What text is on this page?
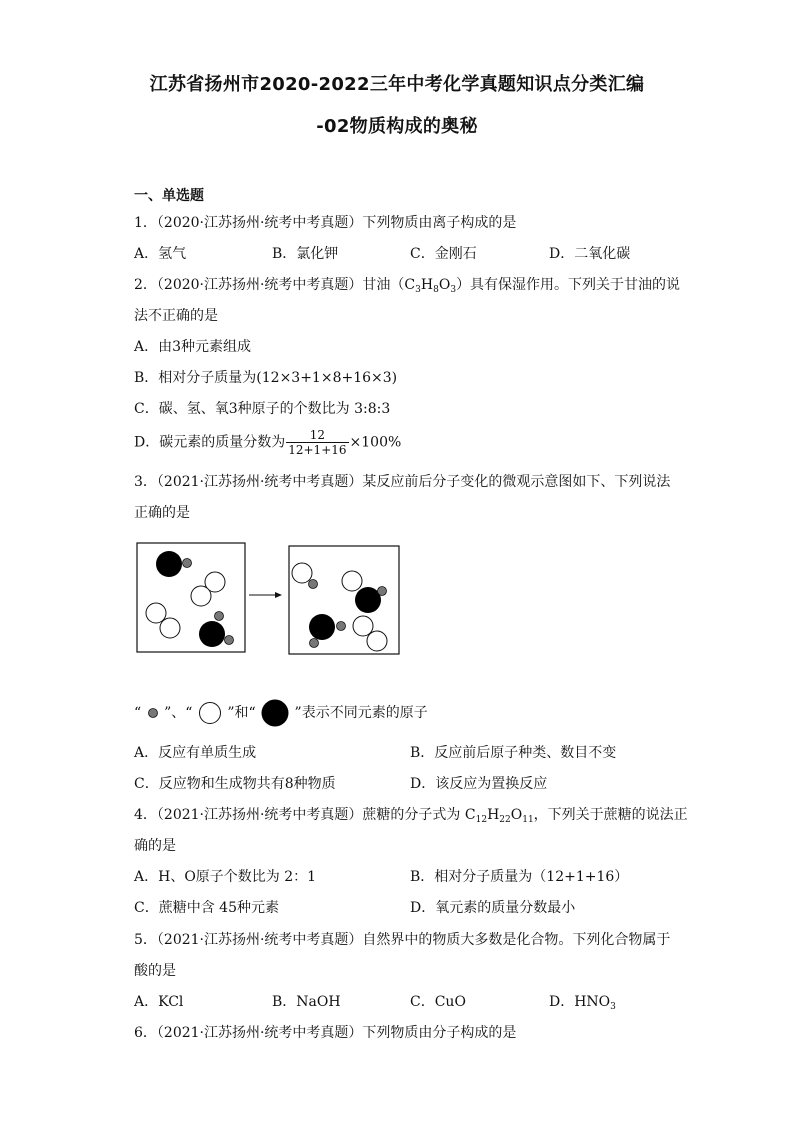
江苏省扬州市2020-2022三年中考化学真题知识点分类汇编
-02物质构成的奥秘
一、单选题
1．（2020·江苏扬州·统考中考真题）下列物质由离子构成的是
A．氢气	B．氯化钾	C．金刚石	D．二氧化碳
2．（2020·江苏扬州·统考中考真题）甘油$(C_3H_8O_3)$具有保湿作用。下列关于甘油的说
法不正确的是
A．由3种元素组成
B．相对分子质量为(12×3+1×8+16×3)
C．碳、氢、氧3种原子的个数比为 3:8:3
D．碳元素的质量分数为 $\frac{12}{12+1+16} \times 100\%$
3．（2021·江苏扬州·统考中考真题）某反应前后分子变化的微观示意图如下、下列说法
正确的是
“ ”、“ ”和“	”表示不同元素的原子
A．反应有单质生成	B．反应前后原子种类、数目不变
C．反应物和生成物共有8种物质	D．该反应为置换反应
4．（2021·江苏扬州·统考中考真题）蔗糖的分子式为 $C_{12}H_{22}O_{11}$，下列关于蔗糖的说法正
确的是
A．H、O原子个数比为 2：1	B．相对分子质量为（12+1+16）
C．蔗糖中含 45种元素	D．氧元素的质量分数最小
5．（2021·江苏扬州·统考中考真题）自然界中的物质大多数是化合物。下列化合物属于
酸的是
A．KCl	B．NaOH	C．CuO	D．$HNO_3$
6．（2021·江苏扬州·统考中考真题）下列物质由分子构成的是
